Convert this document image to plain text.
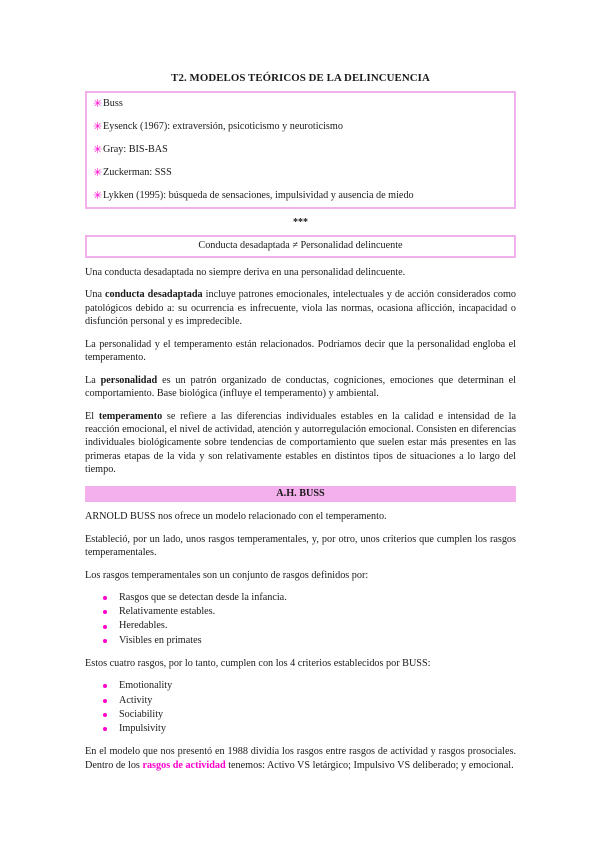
T2. MODELOS TEÓRICOS DE LA DELINCUENCIA
✳ Buss
✳ Eysenck (1967): extraversión, psicoticismo y neuroticismo
✳ Gray: BIS-BAS
✳ Zuckerman: SSS
✳ Lykken (1995): búsqueda de sensaciones, impulsividad y ausencia de miedo
***
Conducta desadaptada ≠ Personalidad delincuente

Una conducta desadaptada no siempre deriva en una personalidad delincuente.

Una conducta desadaptada incluye patrones emocionales, intelectuales y de acción considerados como patológicos debido a: su ocurrencia es infrecuente, viola las normas, ocasiona aflicción, incapacidad o disfunción personal y es impredecible.

La personalidad y el temperamento están relacionados. Podríamos decir que la personalidad engloba el temperamento.

La personalidad es un patrón organizado de conductas, cogniciones, emociones que determinan el comportamiento. Base biológica (influye el temperamento) y ambiental.

El temperamento se refiere a las diferencias individuales estables en la calidad e intensidad de la reacción emocional, el nivel de actividad, atención y autorregulación emocional. Consisten en diferencias individuales biológicamente sobre tendencias de comportamiento que suelen estar más presentes en las primeras etapas de la vida y son relativamente estables en distintos tipos de situaciones a lo largo del tiempo.

A.H. BUSS

ARNOLD BUSS nos ofrece un modelo relacionado con el temperamento.

Estableció, por un lado, unos rasgos temperamentales, y, por otro, unos criterios que cumplen los rasgos temperamentales.

Los rasgos temperamentales son un conjunto de rasgos definidos por:

Rasgos que se detectan desde la infancia.
Relativamente estables.
Heredables.
Visibles en primates

Estos cuatro rasgos, por lo tanto, cumplen con los 4 criterios establecidos por BUSS:

Emotionality
Activity
Sociability
Impulsivity

En el modelo que nos presentó en 1988 dividía los rasgos entre rasgos de actividad y rasgos prosociales. Dentro de los rasgos de actividad tenemos: Activo VS letárgico; Impulsivo VS deliberado; y emocional.
